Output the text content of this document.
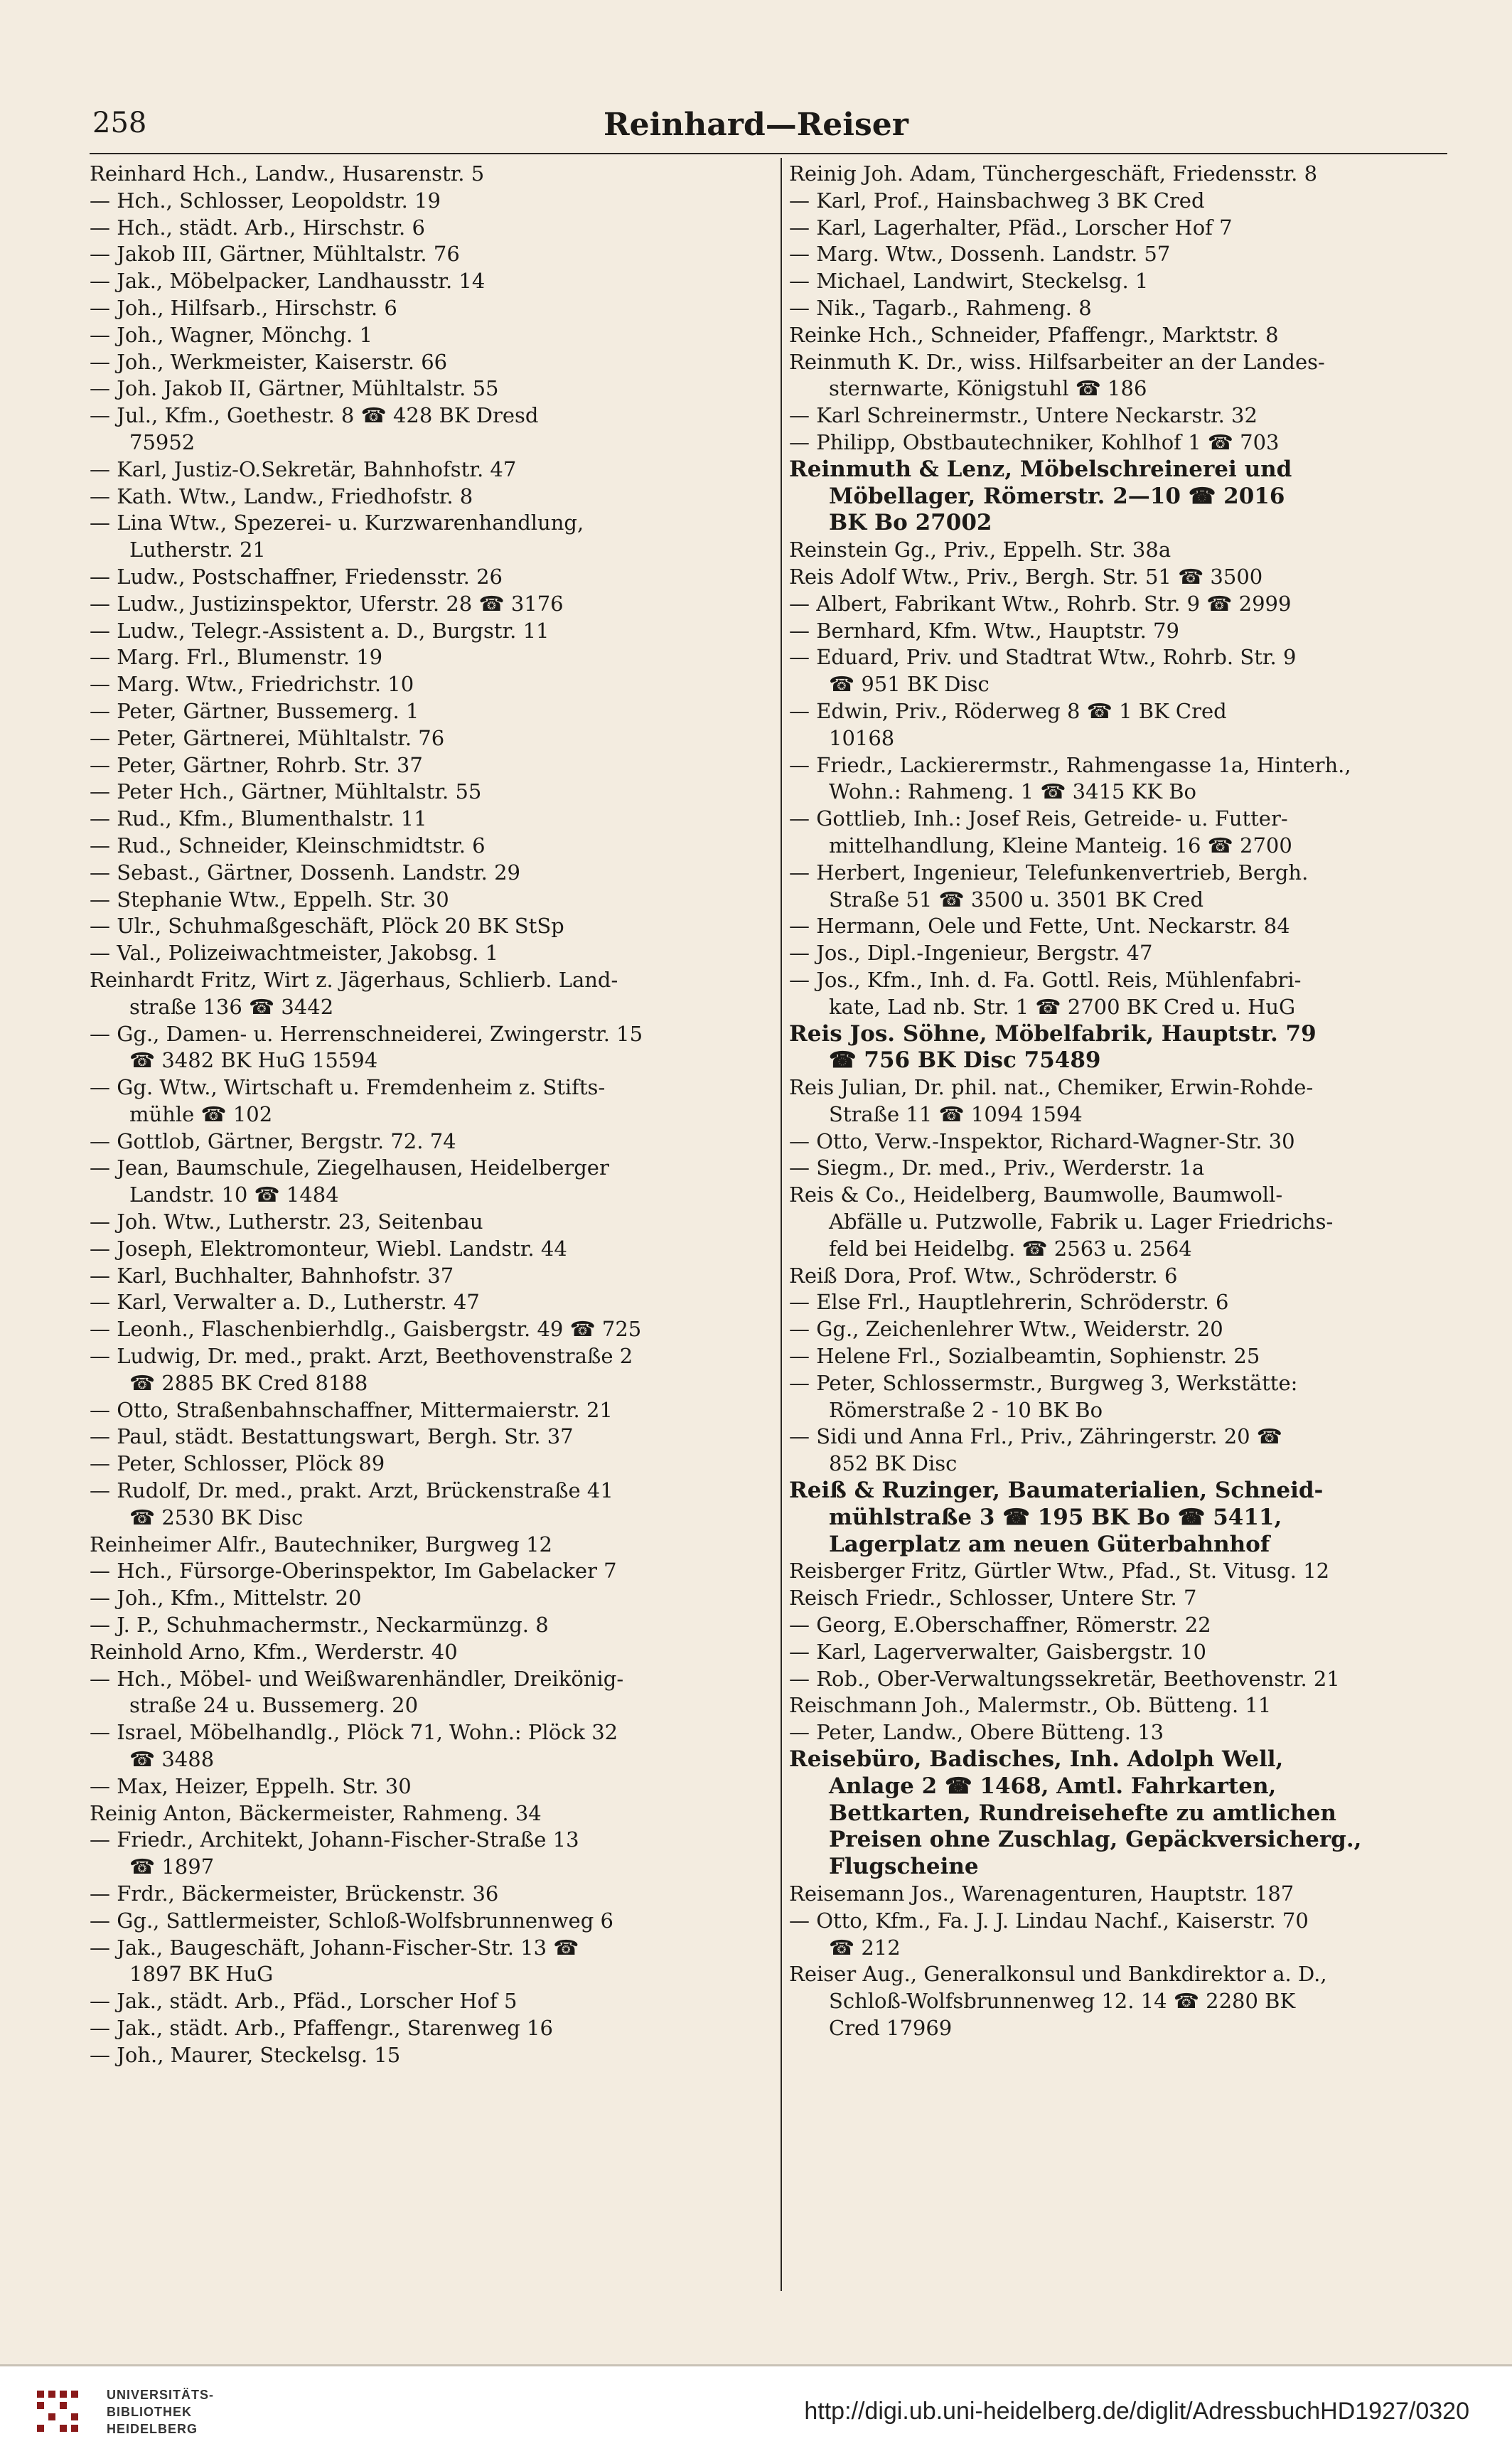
258	Reinhard—Reiser
Reinhard Hch., Landw., Husarenstr. 5
— Hch., Schlosser, Leopoldstr. 19
— Hch., städt. Arb., Hirschstr. 6
— Jakob III, Gärtner, Mühltalstr. 76
— Jak., Möbelpacker, Landhausstr. 14
— Joh., Hilfsarb., Hirschstr. 6
— Joh., Wagner, Mönchg. 1
— Joh., Werkmeister, Kaiserstr. 66
— Joh. Jakob II, Gärtner, Mühltalstr. 55
— Jul., Kfm., Goethestr. 8 ☎ 428 BK Dresd
75952
— Karl, Justiz-O.Sekretär, Bahnhofstr. 47
— Kath. Wtw., Landw., Friedhofstr. 8
— Lina Wtw., Spezerei- u. Kurzwarenhandlung,
Lutherstr. 21
— Ludw., Postschaffner, Friedensstr. 26
— Ludw., Justizinspektor, Uferstr. 28 ☎ 3176
— Ludw., Telegr.-Assistent a. D., Burgstr. 11
— Marg. Frl., Blumenstr. 19
— Marg. Wtw., Friedrichstr. 10
— Peter, Gärtner, Bussemerg. 1
— Peter, Gärtnerei, Mühltalstr. 76
— Peter, Gärtner, Rohrb. Str. 37
— Peter Hch., Gärtner, Mühltalstr. 55
— Rud., Kfm., Blumenthalstr. 11
— Rud., Schneider, Kleinschmidtstr. 6
— Sebast., Gärtner, Dossenh. Landstr. 29
— Stephanie Wtw., Eppelh. Str. 30
— Ulr., Schuhmaßgeschäft, Plöck 20 BK StSp
— Val., Polizeiwachtmeister, Jakobsg. 1
Reinhardt Fritz, Wirt z. Jägerhaus, Schlierb. Land-
straße 136 ☎ 3442
— Gg., Damen- u. Herrenschneiderei, Zwingerstr. 15
☎ 3482 BK HuG 15594
— Gg. Wtw., Wirtschaft u. Fremdenheim z. Stifts-
mühle ☎ 102
— Gottlob, Gärtner, Bergstr. 72. 74
— Jean, Baumschule, Ziegelhausen, Heidelberger
Landstr. 10 ☎ 1484
— Joh. Wtw., Lutherstr. 23, Seitenbau
— Joseph, Elektromonteur, Wiebl. Landstr. 44
— Karl, Buchhalter, Bahnhofstr. 37
— Karl, Verwalter a. D., Lutherstr. 47
— Leonh., Flaschenbierhdlg., Gaisbergstr. 49 ☎ 725
— Ludwig, Dr. med., prakt. Arzt, Beethovenstraße 2
☎ 2885 BK Cred 8188
— Otto, Straßenbahnschaffner, Mittermaierstr. 21
— Paul, städt. Bestattungswart, Bergh. Str. 37
— Peter, Schlosser, Plöck 89
— Rudolf, Dr. med., prakt. Arzt, Brückenstraße 41
☎ 2530 BK Disc
Reinheimer Alfr., Bautechniker, Burgweg 12
— Hch., Fürsorge-Oberinspektor, Im Gabelacker 7
— Joh., Kfm., Mittelstr. 20
— J. P., Schuhmachermstr., Neckarmünzg. 8
Reinhold Arno, Kfm., Werderstr. 40
— Hch., Möbel- und Weißwarenhändler, Dreikönig-
straße 24 u. Bussemerg. 20
— Israel, Möbelhandlg., Plöck 71, Wohn.: Plöck 32
☎ 3488
— Max, Heizer, Eppelh. Str. 30
Reinig Anton, Bäckermeister, Rahmeng. 34
— Friedr., Architekt, Johann-Fischer-Straße 13
☎ 1897
— Frdr., Bäckermeister, Brückenstr. 36
— Gg., Sattlermeister, Schloß-Wolfsbrunnenweg 6
— Jak., Baugeschäft, Johann-Fischer-Str. 13 ☎
1897 BK HuG
— Jak., städt. Arb., Pfäd., Lorscher Hof 5
— Jak., städt. Arb., Pfaffengr., Starenweg 16
— Joh., Maurer, Steckelsg. 15
Reinig Joh. Adam, Tünchergeschäft, Friedensstr. 8
— Karl, Prof., Hainsbachweg 3 BK Cred
— Karl, Lagerhalter, Pfäd., Lorscher Hof 7
— Marg. Wtw., Dossenh. Landstr. 57
— Michael, Landwirt, Steckelsg. 1
— Nik., Tagarb., Rahmeng. 8
Reinke Hch., Schneider, Pfaffengr., Marktstr. 8
Reinmuth K. Dr., wiss. Hilfsarbeiter an der Landes-
sternwarte, Königstuhl ☎ 186
— Karl Schreinermstr., Untere Neckarstr. 32
— Philipp, Obstbautechniker, Kohlhof 1 ☎ 703
Reinmuth & Lenz, Möbelschreinerei und
Möbellager, Römerstr. 2—10 ☎ 2016
BK Bo 27002
Reinstein Gg., Priv., Eppelh. Str. 38a
Reis Adolf Wtw., Priv., Bergh. Str. 51 ☎ 3500
— Albert, Fabrikant Wtw., Rohrb. Str. 9 ☎ 2999
— Bernhard, Kfm. Wtw., Hauptstr. 79
— Eduard, Priv. und Stadtrat Wtw., Rohrb. Str. 9
☎ 951 BK Disc
— Edwin, Priv., Röderweg 8 ☎ 1 BK Cred
10168
— Friedr., Lackierermstr., Rahmengasse 1a, Hinterh.,
Wohn.: Rahmeng. 1 ☎ 3415 KK Bo
— Gottlieb, Inh.: Josef Reis, Getreide- u. Futter-
mittelhandlung, Kleine Manteig. 16 ☎ 2700
— Herbert, Ingenieur, Telefunkenvertrieb, Bergh.
Straße 51 ☎ 3500 u. 3501 BK Cred
— Hermann, Oele und Fette, Unt. Neckarstr. 84
— Jos., Dipl.-Ingenieur, Bergstr. 47
— Jos., Kfm., Inh. d. Fa. Gottl. Reis, Mühlenfabri-
kate, Lad nb. Str. 1 ☎ 2700 BK Cred u. HuG
Reis Jos. Söhne, Möbelfabrik, Hauptstr. 79
☎ 756 BK Disc 75489
Reis Julian, Dr. phil. nat., Chemiker, Erwin-Rohde-
Straße 11 ☎ 1094 1594
— Otto, Verw.-Inspektor, Richard-Wagner-Str. 30
— Siegm., Dr. med., Priv., Werderstr. 1a
Reis & Co., Heidelberg, Baumwolle, Baumwoll-
Abfälle u. Putzwolle, Fabrik u. Lager Friedrichs-
feld bei Heidelbg. ☎ 2563 u. 2564
Reiß Dora, Prof. Wtw., Schröderstr. 6
— Else Frl., Hauptlehrerin, Schröderstr. 6
— Gg., Zeichenlehrer Wtw., Weiderstr. 20
— Helene Frl., Sozialbeamtin, Sophienstr. 25
— Peter, Schlossermstr., Burgweg 3, Werkstätte:
Römerstraße 2 - 10 BK Bo
— Sidi und Anna Frl., Priv., Zähringerstr. 20 ☎
852 BK Disc
Reiß & Ruzinger, Baumaterialien, Schneid-
mühlstraße 3 ☎ 195 BK Bo ☎ 5411,
Lagerplatz am neuen Güterbahnhof
Reisberger Fritz, Gürtler Wtw., Pfad., St. Vitusg. 12
Reisch Friedr., Schlosser, Untere Str. 7
— Georg, E.Oberschaffner, Römerstr. 22
— Karl, Lagerverwalter, Gaisbergstr. 10
— Rob., Ober-Verwaltungssekretär, Beethovenstr. 21
Reischmann Joh., Malermstr., Ob. Bütteng. 11
— Peter, Landw., Obere Bütteng. 13
Reisebüro, Badisches, Inh. Adolph Well,
Anlage 2 ☎ 1468, Amtl. Fahrkarten,
Bettkarten, Rundreisehefte zu amtlichen
Preisen ohne Zuschlag, Gepäckversicherg.,
Flugscheine
Reisemann Jos., Warenagenturen, Hauptstr. 187
— Otto, Kfm., Fa. J. J. Lindau Nachf., Kaiserstr. 70
☎ 212
Reiser Aug., Generalkonsul und Bankdirektor a. D.,
Schloß-Wolfsbrunnenweg 12. 14 ☎ 2280 BK
Cred 17969
UNIVERSITÄTS-
BIBLIOTHEK
HEIDELBERG
http://digi.ub.uni-heidelberg.de/diglit/AdressbuchHD1927/0320
